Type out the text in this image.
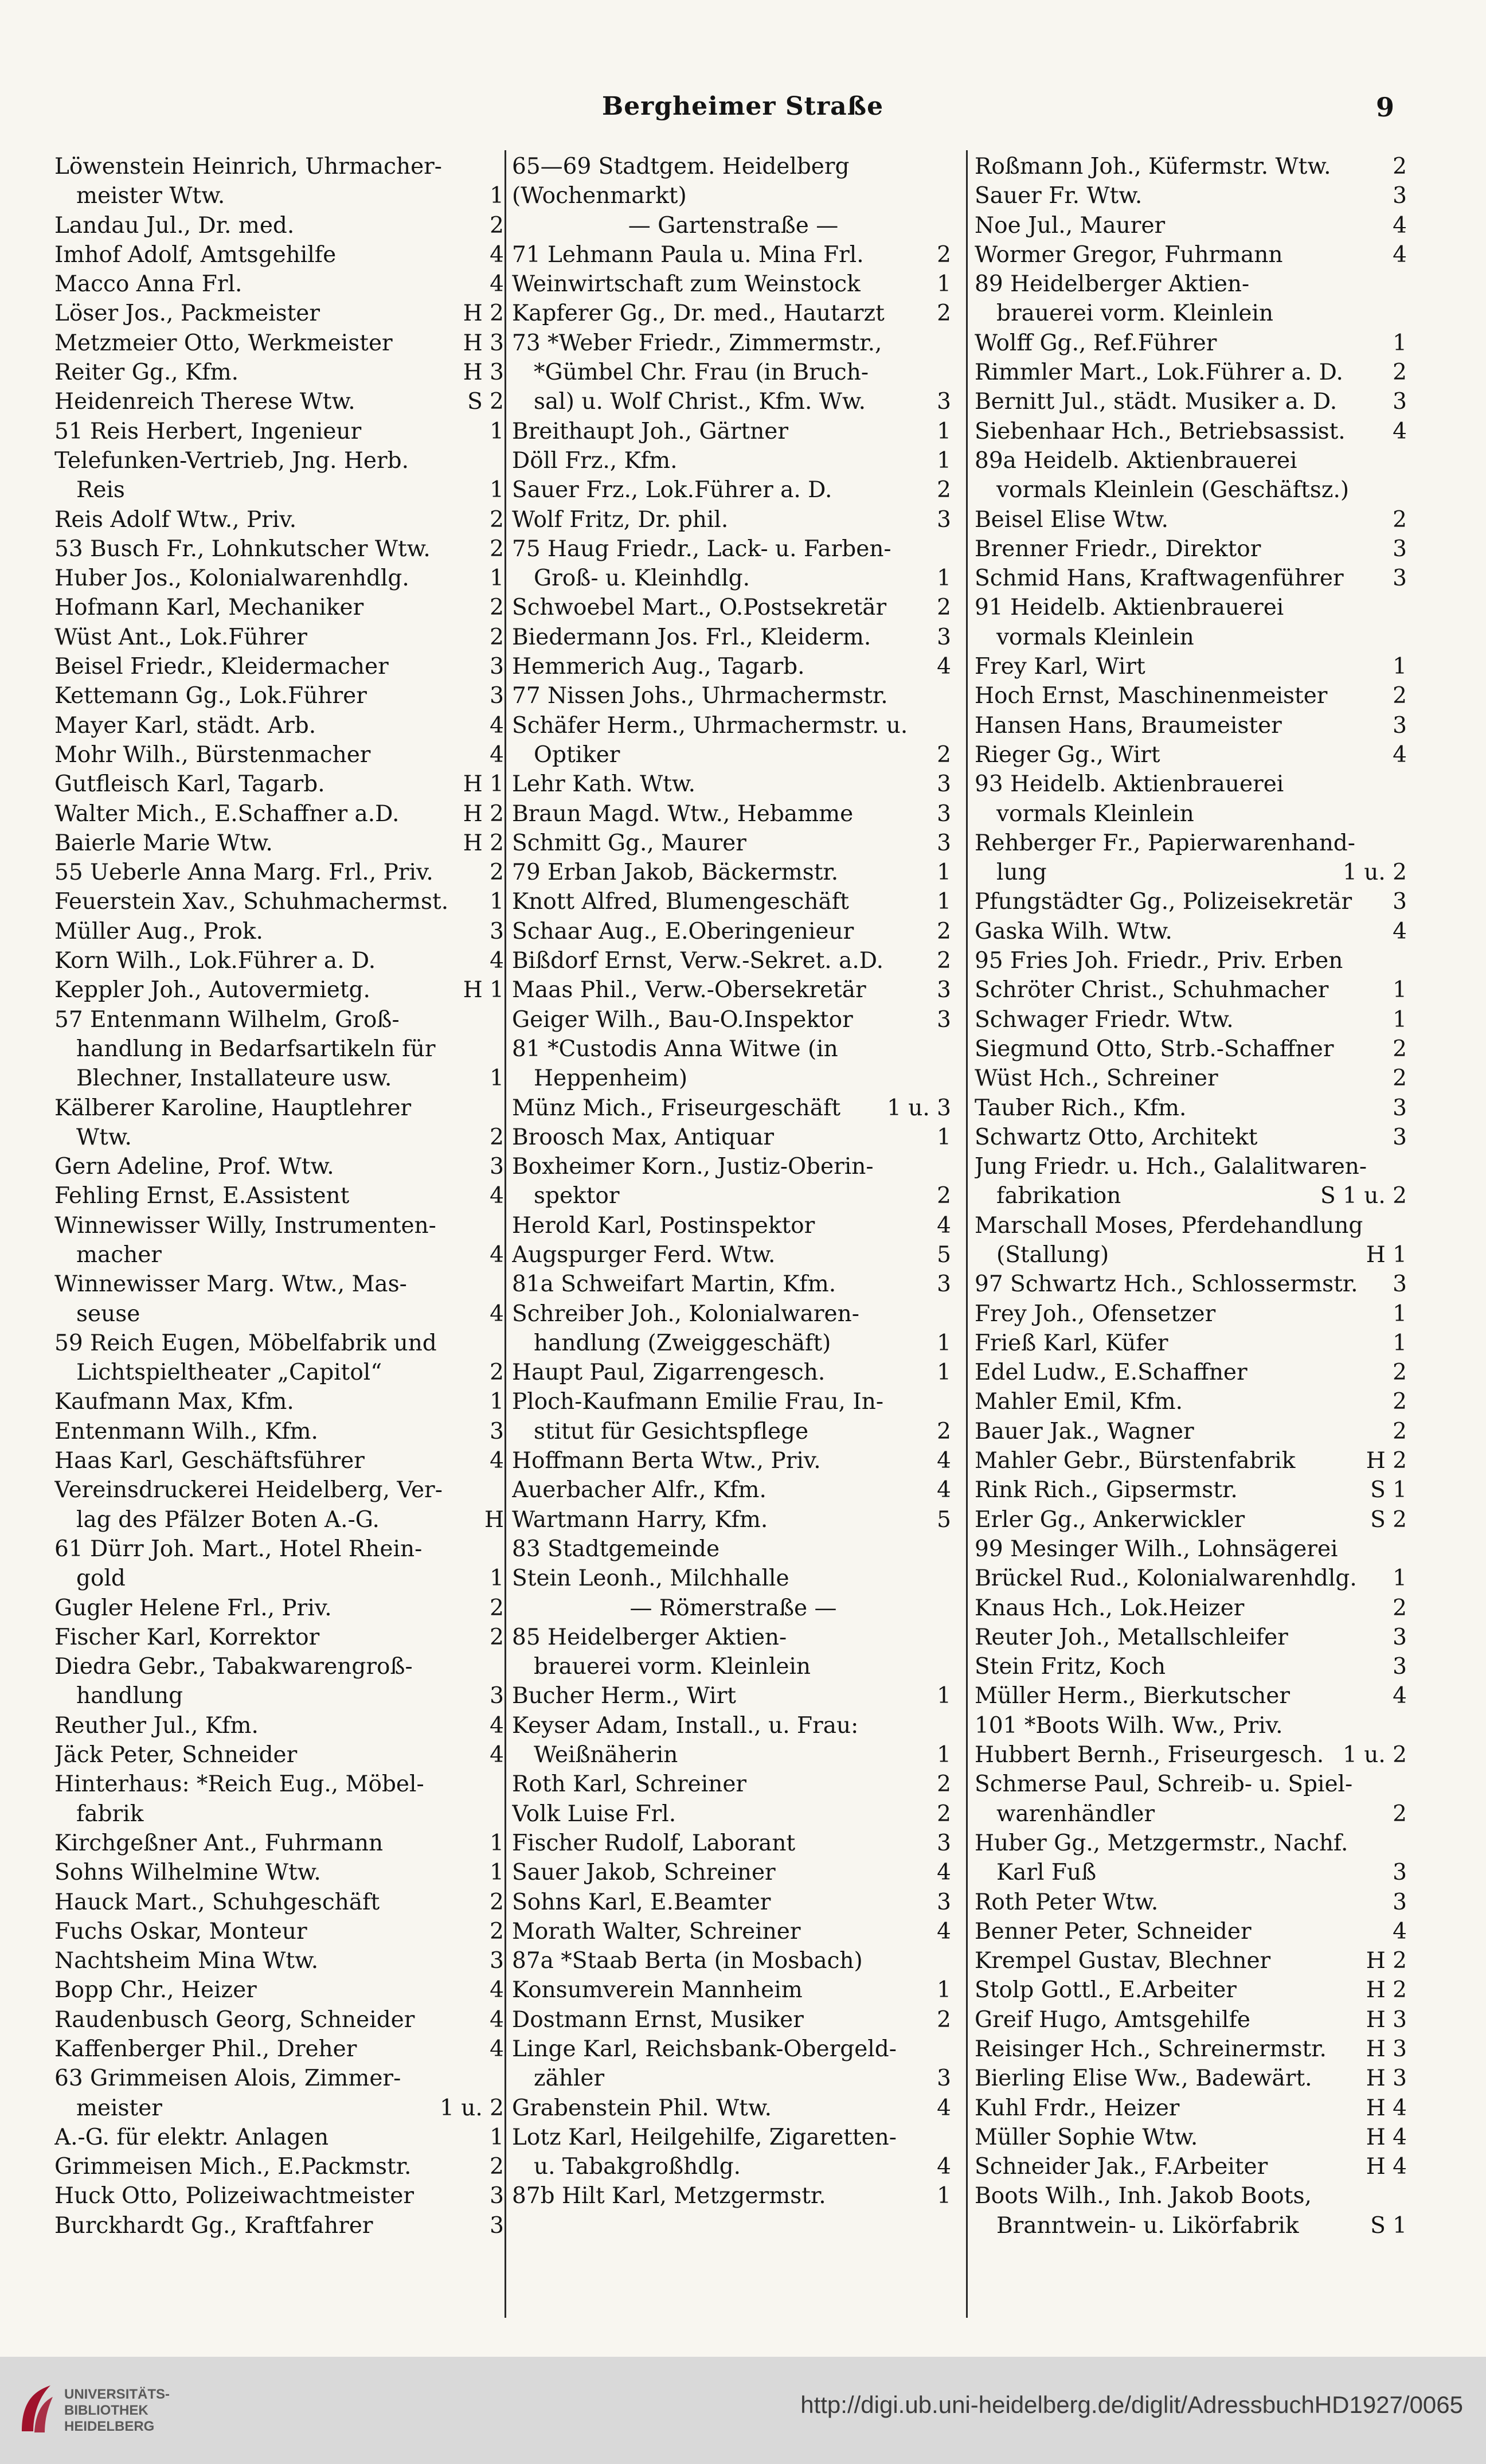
Bergheimer Straße	9
Löwenstein Heinrich, Uhrmacher-
meister Wtw.	1
Landau Jul., Dr. med.	2
Imhof Adolf, Amtsgehilfe	4
Macco Anna Frl.	4
Löser Jos., Packmeister	H 2
Metzmeier Otto, Werkmeister	H 3
Reiter Gg., Kfm.	H 3
Heidenreich Therese Wtw.	S 2
51 Reis Herbert, Ingenieur	1
Telefunken-Vertrieb, Jng. Herb.
Reis	1
Reis Adolf Wtw., Priv.	2
53 Busch Fr., Lohnkutscher Wtw.	2
Huber Jos., Kolonialwarenhdlg.	1
Hofmann Karl, Mechaniker	2
Wüst Ant., Lok.Führer	2
Beisel Friedr., Kleidermacher	3
Kettemann Gg., Lok.Führer	3
Mayer Karl, städt. Arb.	4
Mohr Wilh., Bürstenmacher	4
Gutfleisch Karl, Tagarb.	H 1
Walter Mich., E.Schaffner a.D.	H 2
Baierle Marie Wtw.	H 2
55 Ueberle Anna Marg. Frl., Priv.	2
Feuerstein Xav., Schuhmachermst. 1
Müller Aug., Prok.	3
Korn Wilh., Lok.Führer a. D.	4
Keppler Joh., Autovermietg.	H 1
57 Entenmann Wilhelm, Groß-
handlung in Bedarfsartikeln für
Blechner, Installateure usw.	1
Kälberer Karoline, Hauptlehrer
Wtw.	2
Gern Adeline, Prof. Wtw.	3
Fehling Ernst, E.Assistent	4
Winnewisser Willy, Instrumenten-
macher	4
Winnewisser Marg. Wtw., Mas-
seuse	4
59 Reich Eugen, Möbelfabrik und
Lichtspieltheater „Capitol“	2
Kaufmann Max, Kfm.	1
Entenmann Wilh., Kfm.	3
Haas Karl, Geschäftsführer	4
Vereinsdruckerei Heidelberg, Ver-
lag des Pfälzer Boten A.-G.	H
61 Dürr Joh. Mart., Hotel Rhein-
gold	1
Gugler Helene Frl., Priv.	2
Fischer Karl, Korrektor	2
Diedra Gebr., Tabakwarengroß-
handlung	3
Reuther Jul., Kfm.	4
Jäck Peter, Schneider	4
Hinterhaus: *Reich Eug., Möbel-
fabrik
Kirchgeßner Ant., Fuhrmann	1
Sohns Wilhelmine Wtw.	1
Hauck Mart., Schuhgeschäft	2
Fuchs Oskar, Monteur	2
Nachtsheim Mina Wtw.	3
Bopp Chr., Heizer	4
Raudenbusch Georg, Schneider	4
Kaffenberger Phil., Dreher	4
63 Grimmeisen Alois, Zimmer-
meister	1 u. 2
A.-G. für elektr. Anlagen	1
Grimmeisen Mich., E.Packmstr.	2
Huck Otto, Polizeiwachtmeister	3
Burckhardt Gg., Kraftfahrer	3
65—69 Stadtgem. Heidelberg
(Wochenmarkt)
— Gartenstraße —
71 Lehmann Paula u. Mina Frl.	2
Weinwirtschaft zum Weinstock	1
Kapferer Gg., Dr. med., Hautarzt 2
73 *Weber Friedr., Zimmermstr.,
*Gümbel Chr. Frau (in Bruch-
sal) u. Wolf Christ., Kfm. Ww.	3
Breithaupt Joh., Gärtner	1
Döll Frz., Kfm.	1
Sauer Frz., Lok.Führer a. D.	2
Wolf Fritz, Dr. phil.	3
75 Haug Friedr., Lack- u. Farben-
Groß- u. Kleinhdlg.	1
Schwoebel Mart., O.Postsekretär 2
Biedermann Jos. Frl., Kleiderm.	3
Hemmerich Aug., Tagarb.	4
77 Nissen Johs., Uhrmachermstr.
Schäfer Herm., Uhrmachermstr. u.
Optiker	2
Lehr Kath. Wtw.	3
Braun Magd. Wtw., Hebamme	3
Schmitt Gg., Maurer	3
79 Erban Jakob, Bäckermstr.	1
Knott Alfred, Blumengeschäft	1
Schaar Aug., E.Oberingenieur	2
Bißdorf Ernst, Verw.-Sekret. a.D. 2
Maas Phil., Verw.-Obersekretär	3
Geiger Wilh., Bau-O.Inspektor	3
81 *Custodis Anna Witwe (in
Heppenheim)
Münz Mich., Friseurgeschäft 1 u. 3
Broosch Max, Antiquar	1
Boxheimer Korn., Justiz-Oberin-
spektor	2
Herold Karl, Postinspektor	4
Augspurger Ferd. Wtw.	5
81a Schweifart Martin, Kfm.	3
Schreiber Joh., Kolonialwaren-
handlung (Zweiggeschäft)	1
Haupt Paul, Zigarrengesch.	1
Ploch-Kaufmann Emilie Frau, In-
stitut für Gesichtspflege	2
Hoffmann Berta Wtw., Priv.	4
Auerbacher Alfr., Kfm.	4
Wartmann Harry, Kfm.	5
83 Stadtgemeinde
Stein Leonh., Milchhalle
— Römerstraße —
85 Heidelberger Aktien-
brauerei vorm. Kleinlein
Bucher Herm., Wirt	1
Keyser Adam, Install., u. Frau:
Weißnäherin	1
Roth Karl, Schreiner	2
Volk Luise Frl.	2
Fischer Rudolf, Laborant	3
Sauer Jakob, Schreiner	4
Sohns Karl, E.Beamter	3
Morath Walter, Schreiner	4
87a *Staab Berta (in Mosbach)
Konsumverein Mannheim	1
Dostmann Ernst, Musiker	2
Linge Karl, Reichsbank-Obergeld-
zähler	3
Grabenstein Phil. Wtw.	4
Lotz Karl, Heilgehilfe, Zigaretten-
u. Tabakgroßhdlg.	4
87b Hilt Karl, Metzgermstr.	1
Roßmann Joh., Küfermstr. Wtw.	2
Sauer Fr. Wtw.	3
Noe Jul., Maurer	4
Wormer Gregor, Fuhrmann	4
89 Heidelberger Aktien-
brauerei vorm. Kleinlein
Wolff Gg., Ref.Führer	1
Rimmler Mart., Lok.Führer a. D. 2
Bernitt Jul., städt. Musiker a. D. 3
Siebenhaar Hch., Betriebsassist. 4
89a Heidelb. Aktienbrauerei
vormals Kleinlein (Geschäftsz.)
Beisel Elise Wtw.	2
Brenner Friedr., Direktor	3
Schmid Hans, Kraftwagenführer 3
91 Heidelb. Aktienbrauerei
vormals Kleinlein
Frey Karl, Wirt	1
Hoch Ernst, Maschinenmeister	2
Hansen Hans, Braumeister	3
Rieger Gg., Wirt	4
93 Heidelb. Aktienbrauerei
vormals Kleinlein
Rehberger Fr., Papierwarenhand-
lung	1 u. 2
Pfungstädter Gg., Polizeisekretär 3
Gaska Wilh. Wtw.	4
95 Fries Joh. Friedr., Priv. Erben
Schröter Christ., Schuhmacher	1
Schwager Friedr. Wtw.	1
Siegmund Otto, Strb.-Schaffner	2
Wüst Hch., Schreiner	2
Tauber Rich., Kfm.	3
Schwartz Otto, Architekt	3
Jung Friedr. u. Hch., Galalitwaren-
fabrikation	S 1 u. 2
Marschall Moses, Pferdehandlung
(Stallung)	H 1
97 Schwartz Hch., Schlossermstr. 3
Frey Joh., Ofensetzer	1
Frieß Karl, Küfer	1
Edel Ludw., E.Schaffner	2
Mahler Emil, Kfm.	2
Bauer Jak., Wagner	2
Mahler Gebr., Bürstenfabrik	H 2
Rink Rich., Gipsermstr.	S 1
Erler Gg., Ankerwickler	S 2
99 Mesinger Wilh., Lohnsägerei
Brückel Rud., Kolonialwarenhdlg. 1
Knaus Hch., Lok.Heizer	2
Reuter Joh., Metallschleifer	3
Stein Fritz, Koch	3
Müller Herm., Bierkutscher	4
101 *Boots Wilh. Ww., Priv.
Hubbert Bernh., Friseurgesch. 1 u. 2
Schmerse Paul, Schreib- u. Spiel-
warenhändler	2
Huber Gg., Metzgermstr., Nachf.
Karl Fuß	3
Roth Peter Wtw.	3
Benner Peter, Schneider	4
Krempel Gustav, Blechner	H 2
Stolp Gottl., E.Arbeiter	H 2
Greif Hugo, Amtsgehilfe	H 3
Reisinger Hch., Schreinermstr. H 3
Bierling Elise Ww., Badewärt. H 3
Kuhl Frdr., Heizer	H 4
Müller Sophie Wtw.	H 4
Schneider Jak., F.Arbeiter	H 4
Boots Wilh., Inh. Jakob Boots,
Branntwein- u. Likörfabrik	S 1
UNIVERSITÄTS-
BIBLIOTHEK
HEIDELBERG
http://digi.ub.uni-heidelberg.de/diglit/AdressbuchHD1927/0065
